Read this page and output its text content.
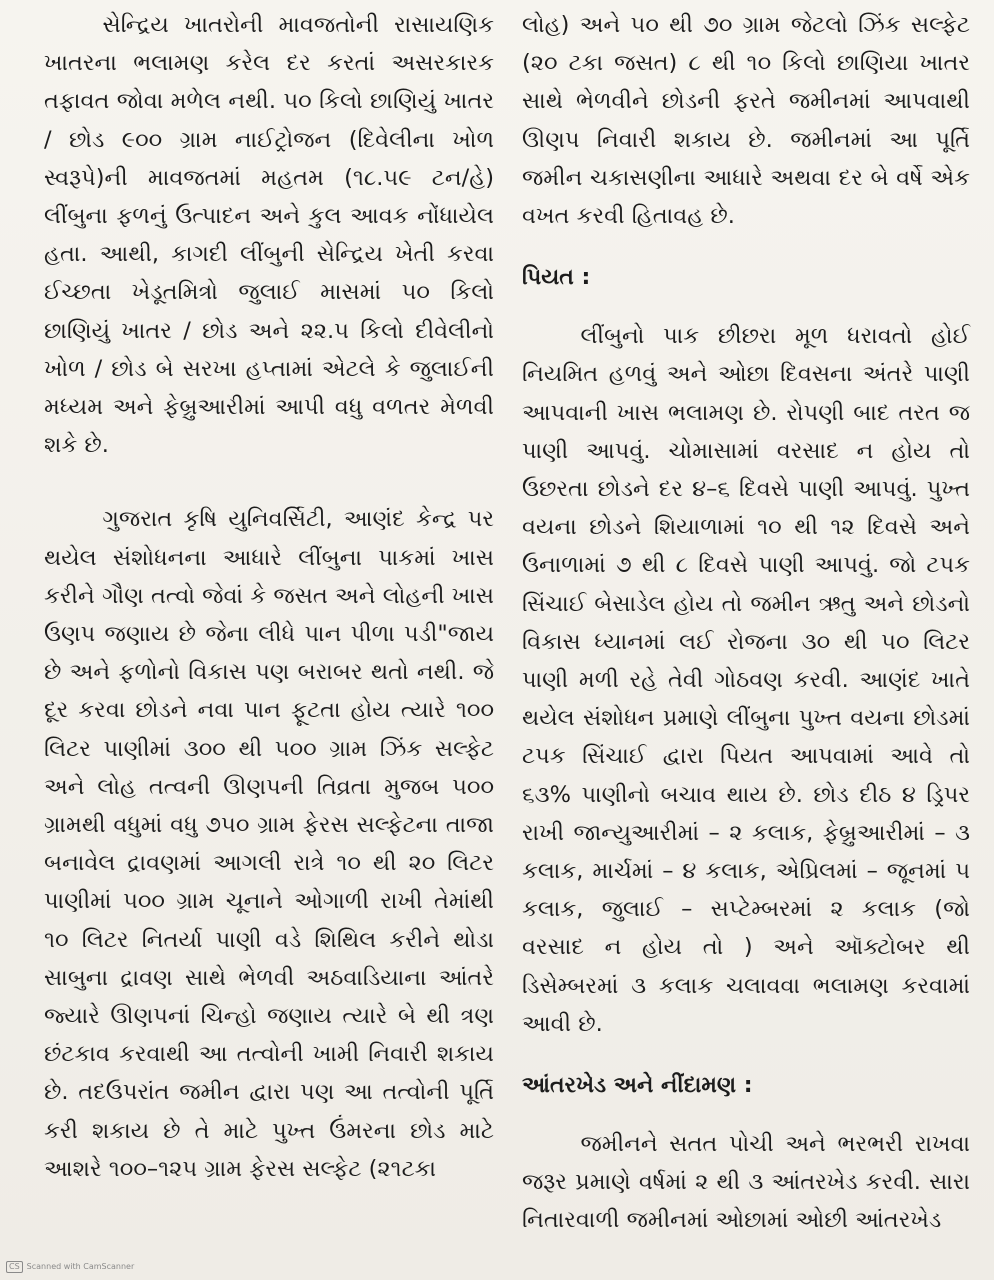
સેન્દ્રિય ખાતરોની માવજતોની રાસાયણિક ખાતરના ભલામણ કરેલ દર કરતાં અસરકારક તફાવત જોવા મળેલ નથી. ૫૦ કિલો છાણિયું ખાતર / છોડ ૯૦૦ ગ્રામ નાઈટ્રોજન (દિવેલીના ખોળ સ્વરૂપે)ની માવજતમાં મહતમ (૧૮.૫૯ ટન/હે) લીંબુના ફળનું ઉત્પાદન અને કુલ આવક નોંધાયેલ હતા. આથી, કાગદી લીંબુની સેન્દ્રિય ખેતી કરવા ઈચ્છતા ખેડૂતમિત્રો જુલાઈ માસમાં ૫૦ કિલો છાણિયું ખાતર / છોડ અને ૨૨.૫ કિલો દીવેલીનો ખોળ / છોડ બે સરખા હપ્તામાં એટલે કે જુલાઈની મધ્યમ અને ફેબ્રુઆરીમાં આપી વધુ વળતર મેળવી શકે છે.

ગુજરાત કૃષિ યુનિવર્સિટી, આણંદ કેન્દ્ર પર થયેલ સંશોધનના આધારે લીંબુના પાકમાં ખાસ કરીને ગૌણ તત્વો જેવાં કે જસત અને લોહની ખાસ ઉણપ જણાય છે જેના લીધે પાન પીળા પડી"જાય છે અને ફળોનો વિકાસ પણ બરાબર થતો નથી. જે દૂર કરવા છોડને નવા પાન ફૂટતા હોય ત્યારે ૧૦૦ લિટર પાણીમાં ૩૦૦ થી ૫૦૦ ગ્રામ ઝિંક સલ્ફેટ અને લોહ તત્વની ઊણપની તિવ્રતા મુજબ ૫૦૦ ગ્રામથી વધુમાં વધુ ૭૫૦ ગ્રામ ફેરસ સલ્ફેટના તાજા બનાવેલ દ્રાવણમાં આગલી રાત્રે ૧૦ થી ૨૦ લિટર પાણીમાં ૫૦૦ ગ્રામ ચૂનાને ઓગાળી રાખી તેમાંથી ૧૦ લિટર નિતર્યા પાણી વડે શિથિલ કરીને થોડા સાબુના દ્રાવણ સાથે ભેળવી અઠવાડિયાના આંતરે જ્યારે ઊણપનાં ચિન્હો જણાય ત્યારે બે થી ત્રણ છંટકાવ કરવાથી આ તત્વોની ખામી નિવારી શકાય છે. તદઉપરાંત જમીન દ્વારા પણ આ તત્વોની પૂર્તિ કરી શકાય છે તે માટે પુખ્ત ઉંમરના છોડ માટે આશરે ૧૦૦–૧૨૫ ગ્રામ ફેરસ સલ્ફેટ (૨૧ટકા

લોહ) અને ૫૦ થી ૭૦ ગ્રામ જેટલો ઝિંક સલ્ફેટ (૨૦ ટકા જસત) ૮ થી ૧૦ કિલો છાણિયા ખાતર સાથે ભેળવીને છોડની ફરતે જમીનમાં આપવાથી ઊણપ નિવારી શકાય છે. જમીનમાં આ પૂર્તિ જમીન ચકાસણીના આધારે અથવા દર બે વર્ષે એક વખત કરવી હિતાવહ છે.

પિયત :

લીંબુનો પાક છીછરા મૂળ ધરાવતો હોઈ નિયમિત હળવું અને ઓછા દિવસના અંતરે પાણી આપવાની ખાસ ભલામણ છે. રોપણી બાદ તરત જ પાણી આપવું. ચોમાસામાં વરસાદ ન હોય તો ઉછરતા છોડને દર ૪–૬ દિવસે પાણી આપવું. પુખ્ત વયના છોડને શિયાળામાં ૧૦ થી ૧૨ દિવસે અને ઉનાળામાં ૭ થી ૮ દિવસે પાણી આપવું. જો ટપક સિંચાઈ બેસાડેલ હોય તો જમીન ઋતુ અને છોડનો વિકાસ ધ્યાનમાં લઈ રોજના ૩૦ થી ૫૦ લિટર પાણી મળી રહે તેવી ગોઠવણ કરવી. આણંદ ખાતે થયેલ સંશોધન પ્રમાણે લીંબુના પુખ્ત વયના છોડમાં ટપક સિંચાઈ દ્વારા પિયત આપવામાં આવે તો ૬૩% પાણીનો બચાવ થાય છે. છોડ દીઠ ૪ ડ્રિપર રાખી જાન્યુઆરીમાં – ૨ કલાક, ફેબ્રુઆરીમાં – ૩ કલાક, માર્ચમાં – ૪ કલાક, એપ્રિલમાં – જૂનમાં ૫ કલાક, જુલાઈ – સપ્ટેમ્બરમાં ૨ કલાક (જો વરસાદ ન હોય તો ) અને ઑક્ટોબર થી ડિસેમ્બરમાં ૩ કલાક ચલાવવા ભલામણ કરવામાં આવી છે.

આંતરખેડ અને નીંદામણ :

જમીનને સતત પોચી અને ભરભરી રાખવા જરૂર પ્રમાણે વર્ષમાં ૨ થી ૩ આંતરખેડ કરવી. સારા નિતારવાળી જમીનમાં ઓછામાં ઓછી આંતરખેડ

CS Scanned with CamScanner
